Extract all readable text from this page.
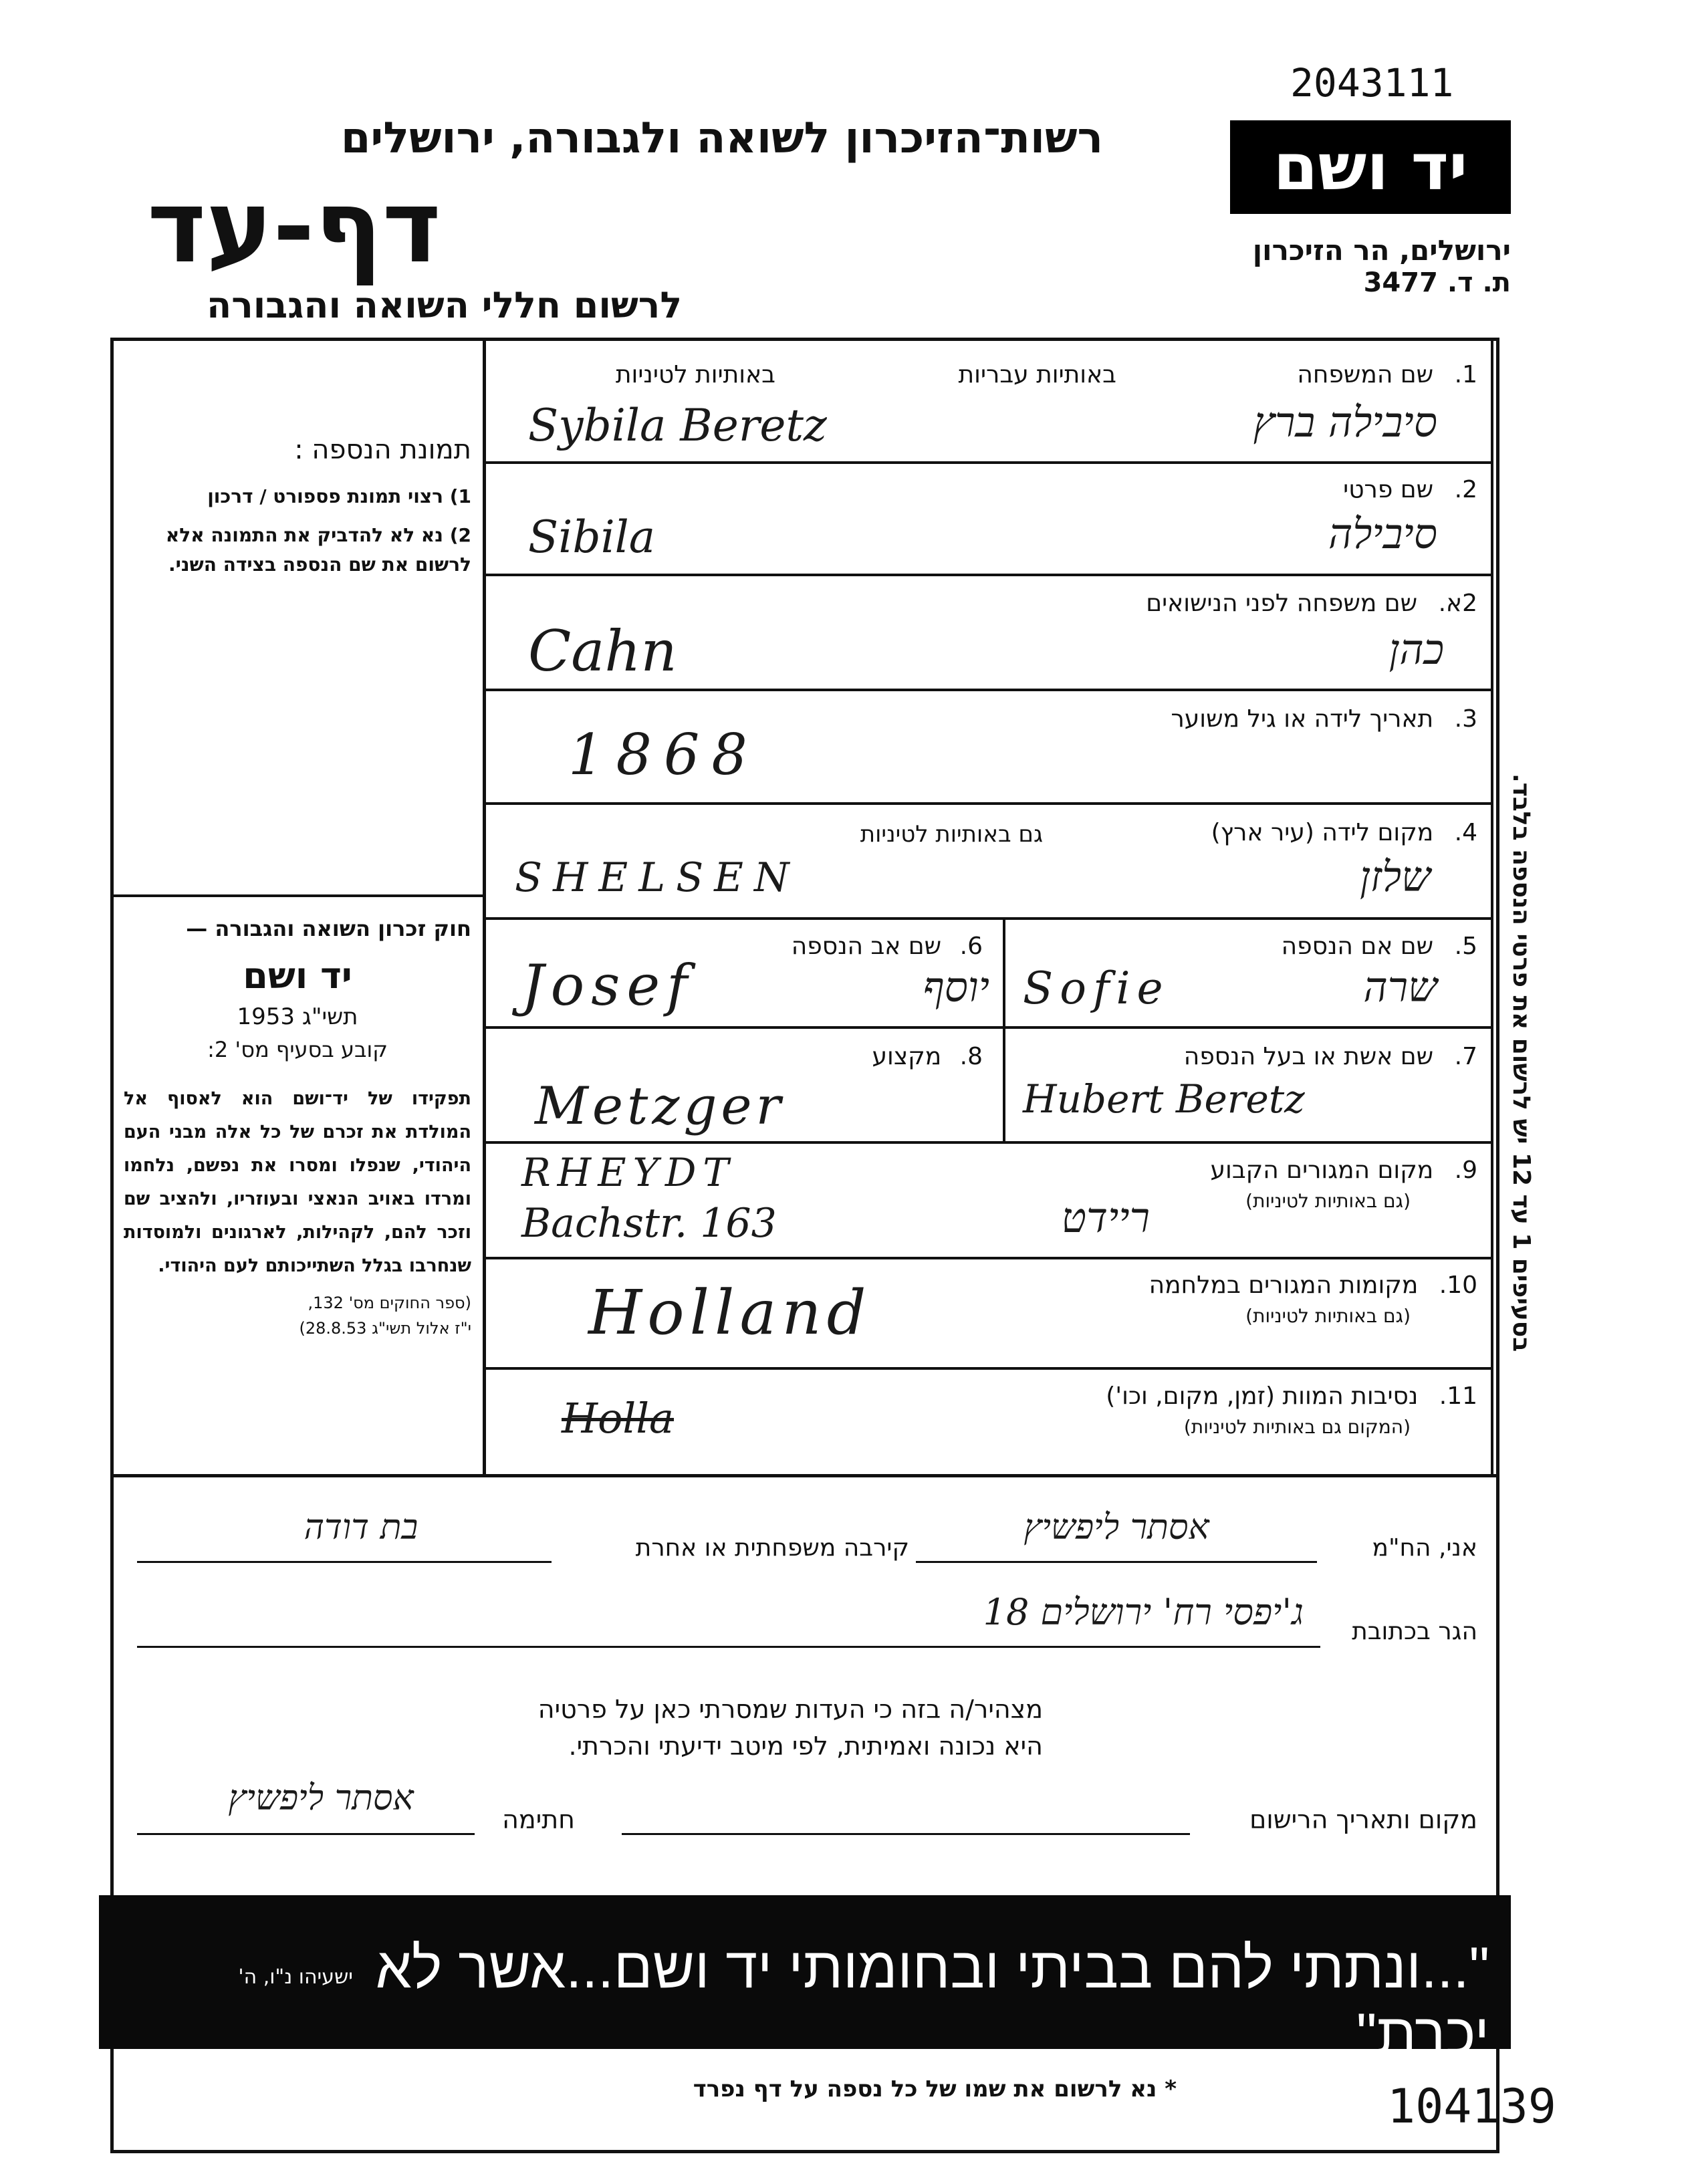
2043111
רשות־הזיכרון לשואה ולגבורה, ירושלים
דף-עד
לרשום חללי השואה והגבורה
יד ושם
ירושלים, הר הזיכרון
ת. ד. 3477

תמונת הנספה :

1) רצוי תמונת פספורט / דרכון

2) נא לא להדביק את התמונה אלא לרשום את שם הנספה בצידה השני.

חוק זכרון השואה והגבורה —

יד ושם

תשי"ג 1953

קובע בסעיף מס' 2:

תפקידו של יד־ושם הוא לאסוף אל המולדת את זכרם של כל אלה מבני העם היהודי, שנפלו ומסרו את נפשם, נלחמו ומרדו באויב הנאצי ובעוזריו, ולהציב שם וזכר להם, לקהילות, לארגונים ולמוסדות שנחרבו בגלל השתייכותם לעם היהודי.

(ספר החוקים מס' 132,

י"ז אלול תשי"ג 28.8.53)

בסעיפים 1 עד 12 יש לרשום את פרטי הנספה בלבד.
1. שם המשפחה
באותיות עבריות
באותיות לטיניות
סיבילה ברץ
Sybila Beretz
2. שם פרטי
סיבילה
Sibila
2א. שם משפחה לפני הנישואים
כהן
Cahn
3. תאריך לידה או גיל משוער
1868
4. מקום לידה (עיר ארץ)
גם באותיות לטיניות
שלזן
SHELSEN
5. שם אם הנספה
Sofie	שרה
6. שם אב הנספה
Josef	יוסף
7. שם אשת או בעל הנספה
Hubert Beretz
8. מקצוע
Metzger
9. מקום המגורים הקבוע
(גם באותיות לטיניות)
RHEYDT
Bachstr. 163	ריידט
10. מקומות המגורים במלחמה
(גם באותיות לטיניות)
Holland
11. נסיבות המוות (זמן, מקום, וכו')
(המקום גם באותיות לטיניות)
Holla
אני, הח"מ
אסתר ליפשיץ
קירבה משפחתית או אחרת
בת דודה
הגר בכתובת
ג'יפסי רח' ירושלים 18
מצהיר/ה בזה כי העדות שמסרתי כאן על פרטיה
היא נכונה ואמיתית, לפי מיטב ידיעתי והכרתי.
מקום ותאריך הרישום
חתימה
אסתר ליפשיץ
"...ונתתי להם בביתי ובחומותי יד ושם...אשר לא יכרת"
ישעיהו נ"ו, ה'
* נא לרשום את שמו של כל נספה על דף נפרד	104139
